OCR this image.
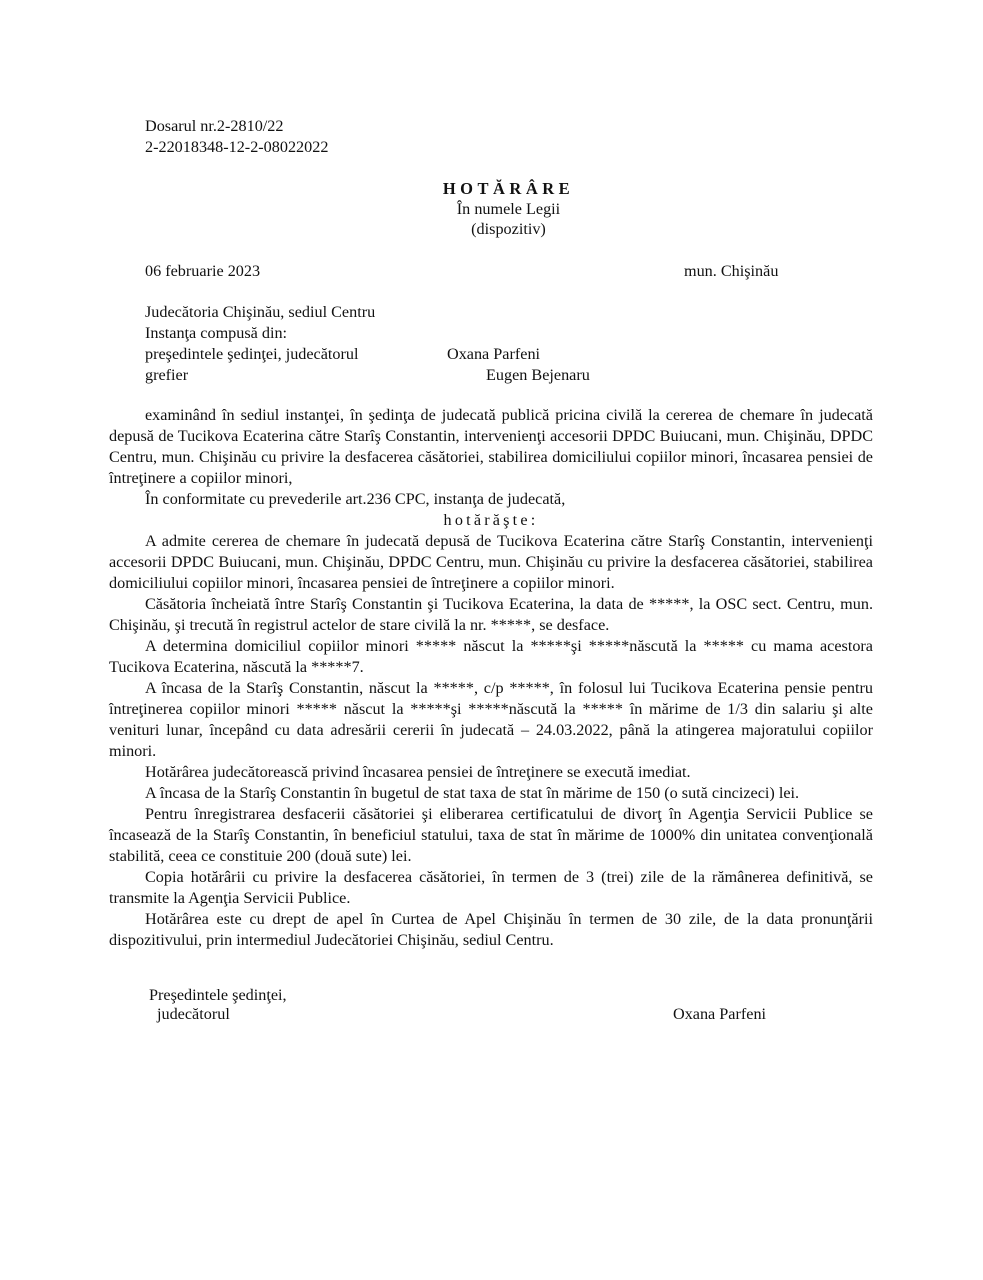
Dosarul nr.2-2810/22
2-22018348-12-2-08022022
HOTĂRÂRE
În numele Legii
(dispozitiv)
06 februarie 2023	mun. Chişinău
Judecătoria Chişinău, sediul Centru
Instanţa compusă din:
preşedintele şedinţei, judecătorul	Oxana Parfeni
grefier	Eugen Bejenaru

examinând în sediul instanţei, în şedinţa de judecată publică pricina civilă la cererea de chemare în judecată depusă de Tucikova Ecaterina către Starîş Constantin, intervenienţi accesorii DPDC Buiucani, mun. Chişinău, DPDC Centru, mun. Chişinău cu privire la desfacerea căsătoriei, stabilirea domiciliului copiilor minori, încasarea pensiei de întreţinere a copiilor minori,

În conformitate cu prevederile art.236 CPC, instanţa de judecată,

hotărăşte:

A admite cererea de chemare în judecată depusă de Tucikova Ecaterina către Starîş Constantin, intervenienţi accesorii DPDC Buiucani, mun. Chişinău, DPDC Centru, mun. Chişinău cu privire la desfacerea căsătoriei, stabilirea domiciliului copiilor minori, încasarea pensiei de întreţinere a copiilor minori.

Căsătoria încheiată între Starîş Constantin şi Tucikova Ecaterina, la data de *****, la OSC sect. Centru, mun. Chişinău, şi trecută în registrul actelor de stare civilă la nr. *****, se desface.

A determina domiciliul copiilor minori ***** născut la *****şi *****născută la ***** cu mama acestora Tucikova Ecaterina, născută la *****7.

A încasa de la Starîş Constantin, născut la *****, c/p *****, în folosul lui Tucikova Ecaterina pensie pentru întreţinerea copiilor minori ***** născut la *****şi *****născută la ***** în mărime de 1/3 din salariu şi alte venituri lunar, începând cu data adresării cererii în judecată – 24.03.2022, până la atingerea majoratului copiilor minori.

Hotărârea judecătorească privind încasarea pensiei de întreţinere se execută imediat.

A încasa de la Starîş Constantin în bugetul de stat taxa de stat în mărime de 150 (o sută cincizeci) lei.

Pentru înregistrarea desfacerii căsătoriei şi eliberarea certificatului de divorţ în Agenţia Servicii Publice se încasează de la Starîş Constantin, în beneficiul statului, taxa de stat în mărime de 1000% din unitatea convenţională stabilită, ceea ce constituie 200 (două sute) lei.

Copia hotărârii cu privire la desfacerea căsătoriei, în termen de 3 (trei) zile de la rămânerea definitivă, se transmite la Agenţia Servicii Publice.

Hotărârea este cu drept de apel în Curtea de Apel Chişinău în termen de 30 zile, de la data pronunţării dispozitivului, prin intermediul Judecătoriei Chişinău, sediul Centru.

Preşedintele şedinţei,
judecătorul	Oxana Parfeni
